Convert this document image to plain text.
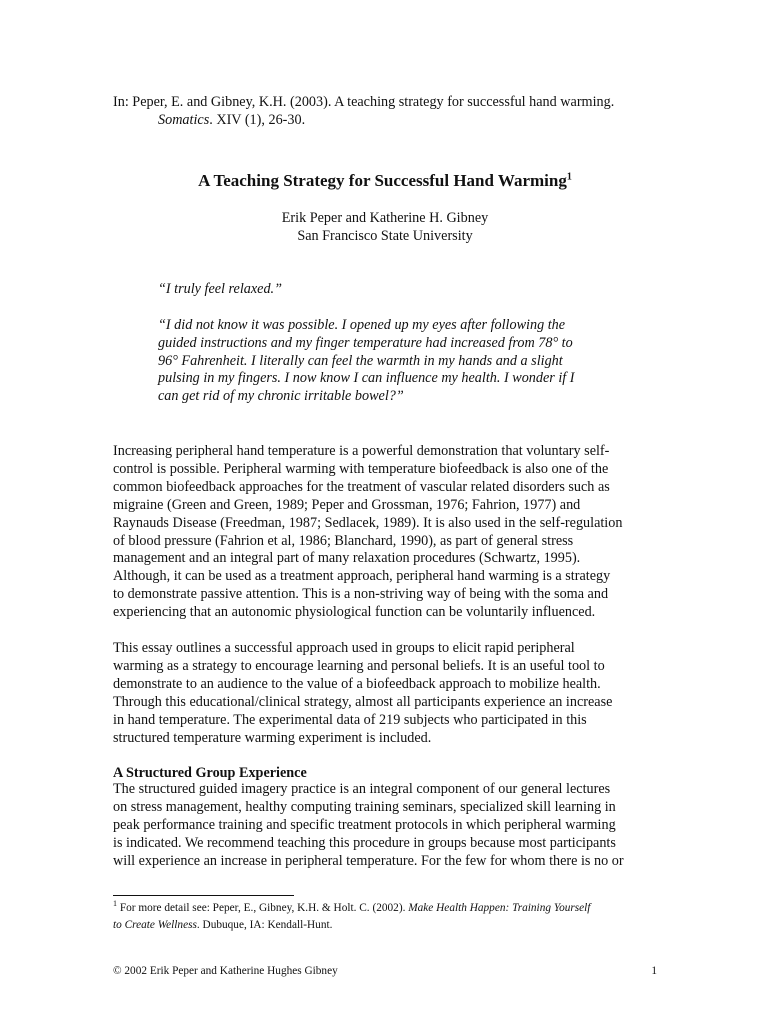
In: Peper, E. and Gibney, K.H. (2003). A teaching strategy for successful hand warming.
Somatics. XIV (1), 26-30.
A Teaching Strategy for Successful Hand Warming$^1$
Erik Peper and Katherine H. Gibney
San Francisco State University
“I truly feel relaxed.”
“I did not know it was possible. I opened up my eyes after following the
guided instructions and my finger temperature had increased from 78° to
96° Fahrenheit. I literally can feel the warmth in my hands and a slight
pulsing in my fingers. I now know I can influence my health. I wonder if I
can get rid of my chronic irritable bowel?”
Increasing peripheral hand temperature is a powerful demonstration that voluntary self-
control is possible. Peripheral warming with temperature biofeedback is also one of the
common biofeedback approaches for the treatment of vascular related disorders such as
migraine (Green and Green, 1989; Peper and Grossman, 1976; Fahrion, 1977) and
Raynauds Disease (Freedman, 1987; Sedlacek, 1989). It is also used in the self-regulation
of blood pressure (Fahrion et al, 1986; Blanchard, 1990), as part of general stress
management and an integral part of many relaxation procedures (Schwartz, 1995).
Although, it can be used as a treatment approach, peripheral hand warming is a strategy
to demonstrate passive attention. This is a non-striving way of being with the soma and
experiencing that an autonomic physiological function can be voluntarily influenced.
This essay outlines a successful approach used in groups to elicit rapid peripheral
warming as a strategy to encourage learning and personal beliefs. It is an useful tool to
demonstrate to an audience to the value of a biofeedback approach to mobilize health.
Through this educational/clinical strategy, almost all participants experience an increase
in hand temperature. The experimental data of 219 subjects who participated in this
structured temperature warming experiment is included.
A Structured Group Experience
The structured guided imagery practice is an integral component of our general lectures
on stress management, healthy computing training seminars, specialized skill learning in
peak performance training and specific treatment protocols in which peripheral warming
is indicated. We recommend teaching this procedure in groups because most participants
will experience an increase in peripheral temperature. For the few for whom there is no or
$^1$ For more detail see: Peper, E., Gibney, K.H. & Holt. C. (2002). Make Health Happen: Training Yourself
to Create Wellness. Dubuque, IA: Kendall-Hunt.
© 2002 Erik Peper and Katherine Hughes Gibney	1
